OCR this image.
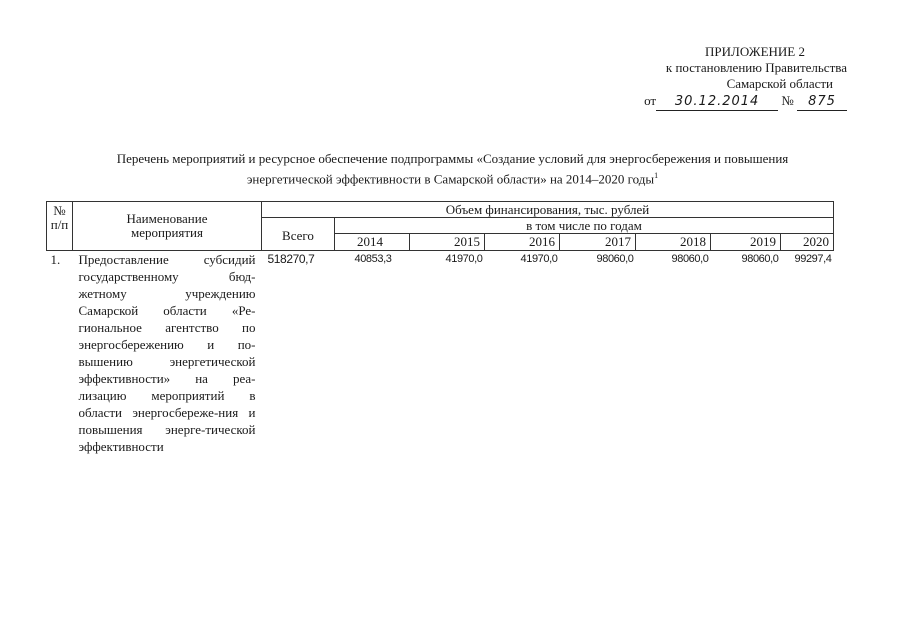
ПРИЛОЖЕНИЕ 2
к постановлению Правительства
Самарской области
от 30.12.2014 № 875
Перечень мероприятий и ресурсное обеспечение подпрограммы «Создание условий для энергосбережения и повышения
энергетической эффективности в Самарской области» на 2014–2020 годы$^1$
№ п/п	Наименование мероприятия	Объем финансирования, тыс. рублей							
		Всего	в том числе по годам						
			2014	2015	2016	2017	2018	2019	2020
1.	Предоставление субсидий государственному бюд-жетному учреждению Самарской области «Ре-гиональное агентство по энергосбережению и по-вышению энергетической эффективности» на реа-лизацию мероприятий в области энергосбереже-ния и повышения энерге-тической эффективности	518270,7	40853,3	41970,0	41970,0	98060,0	98060,0	98060,0	99297,4
